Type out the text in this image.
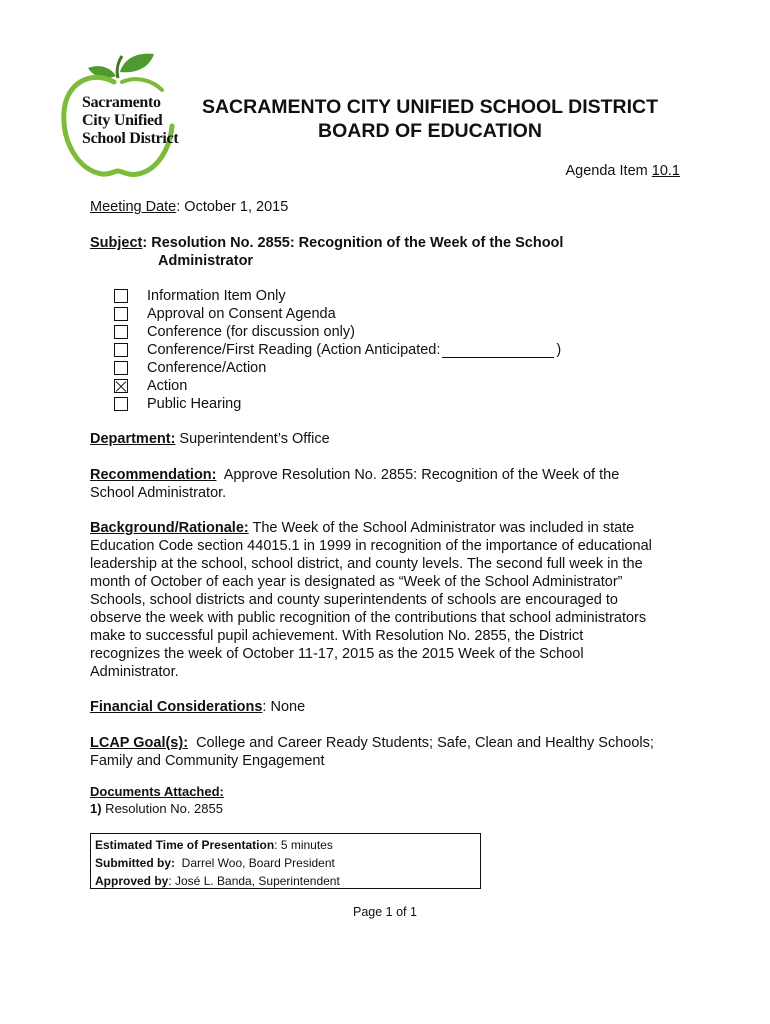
Sacramento
City Unified
School District
SACRAMENTO CITY UNIFIED SCHOOL DISTRICT
BOARD OF EDUCATION
Agenda Item 10.1
Meeting Date: October 1, 2015
Subject: Resolution No. 2855: Recognition of the Week of the School
Administrator
Information Item Only
Approval on Consent Agenda
Conference (for discussion only)
Conference/First Reading (Action Anticipated:	)
Conference/Action
Action
Public Hearing
Department: Superintendent’s Office
Recommendation:  Approve Resolution No. 2855: Recognition of the Week of the
School Administrator.
Background/Rationale: The Week of the School Administrator was included in state
Education Code section 44015.1 in 1999 in recognition of the importance of educational
leadership at the school, school district, and county levels. The second full week in the
month of October of each year is designated as “Week of the School Administrator”
Schools, school districts and county superintendents of schools are encouraged to
observe the week with public recognition of the contributions that school administrators
make to successful pupil achievement. With Resolution No. 2855, the District
recognizes the week of October 11-17, 2015 as the 2015 Week of the School
Administrator.
Financial Considerations: None
LCAP Goal(s):  College and Career Ready Students; Safe, Clean and Healthy Schools;
Family and Community Engagement
Documents Attached:
1) Resolution No. 2855
Estimated Time of Presentation: 5 minutes
Submitted by:  Darrel Woo, Board President
Approved by: José L. Banda, Superintendent
Page 1 of 1
